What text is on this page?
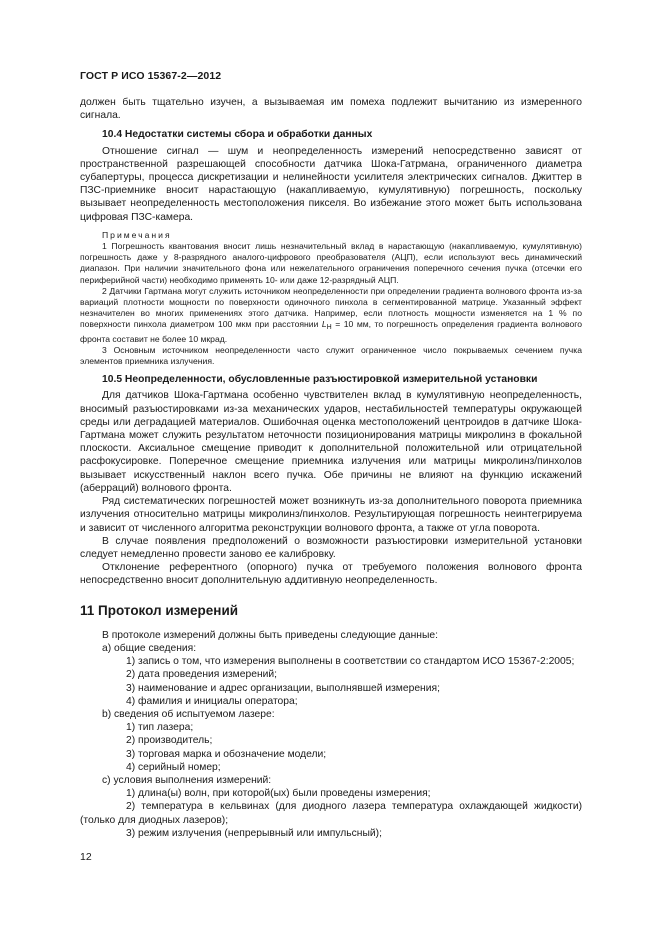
ГОСТ Р ИСО 15367-2—2012

должен быть тщательно изучен, а вызываемая им помеха подлежит вычитанию из измеренного сигнала.

10.4 Недостатки системы сбора и обработки данных

Отношение сигнал — шум и неопределенность измерений непосредственно зависят от пространственной разрешающей способности датчика Шока-Гатрмана, ограниченного диаметра субапертуры, процесса дискретизации и нелинейности усилителя электрических сигналов. Джиттер в ПЗС-приемнике вносит нарастающую (накапливаемую, кумулятивную) погрешность, поскольку вызывает неопределенность местоположения пикселя. Во избежание этого может быть использована цифровая ПЗС-камера.

Примечания

1 Погрешность квантования вносит лишь незначительный вклад в нарастающую (накапливаемую, кумулятивную) погрешность даже у 8-разрядного аналого-цифрового преобразователя (АЦП), если используют весь динамический диапазон. При наличии значительного фона или нежелательного ограничения поперечного сечения пучка (отсечки его периферийной части) необходимо применять 10- или даже 12-разрядный АЦП.

2 Датчики Гартмана могут служить источником неопределенности при определении градиента волнового фронта из-за вариаций плотности мощности по поверхности одиночного пинхола в сегментированной матрице. Указанный эффект незначителен во многих применениях этого датчика. Например, если плотность мощности изменяется на 1 % по поверхности пинхола диаметром 100 мкм при расстоянии $L_H = 10$ мм, то погрешность определения градиента волнового фронта составит не более 10 мкрад.

3 Основным источником неопределенности часто служит ограниченное число покрываемых сечением пучка элементов приемника излучения.

10.5 Неопределенности, обусловленные разъюстировкой измерительной установки

Для датчиков Шока-Гартмана особенно чувствителен вклад в кумулятивную неопределенность, вносимый разъюстировками из-за механических ударов, нестабильностей температуры окружающей среды или деградацией материалов. Ошибочная оценка местоположений центроидов в датчике Шока-Гартмана может служить результатом неточности позиционирования матрицы микролинз в фокальной плоскости. Аксиальное смещение приводит к дополнительной положительной или отрицательной расфокусировке. Поперечное смещение приемника излучения или матрицы микролинз/пинхолов вызывает искусственный наклон всего пучка. Обе причины не влияют на функцию искажений (аберраций) волнового фронта.

Ряд систематических погрешностей может возникнуть из-за дополнительного поворота приемника излучения относительно матрицы микролинз/пинхолов. Результирующая погрешность неинтегрируема и зависит от численного алгоритма реконструкции волнового фронта, а также от угла поворота.

В случае появления предположений о возможности разъюстировки измерительной установки следует немедленно провести заново ее калибровку.

Отклонение референтного (опорного) пучка от требуемого положения волнового фронта непосредственно вносит дополнительную аддитивную неопределенность.

11 Протокол измерений

В протоколе измерений должны быть приведены следующие данные:

a) общие сведения:

1) запись о том, что измерения выполнены в соответствии со стандартом ИСО 15367-2:2005;

2) дата проведения измерений;

3) наименование и адрес организации, выполнявшей измерения;

4) фамилия и инициалы оператора;

b) сведения об испытуемом лазере:

1) тип лазера;

2) производитель;

3) торговая марка и обозначение модели;

4) серийный номер;

c) условия выполнения измерений:

1) длина(ы) волн, при которой(ых) были проведены измерения;

2) температура в кельвинах (для диодного лазера температура охлаждающей жидкости) (только для диодных лазеров);

3) режим излучения (непрерывный или импульсный);

12
